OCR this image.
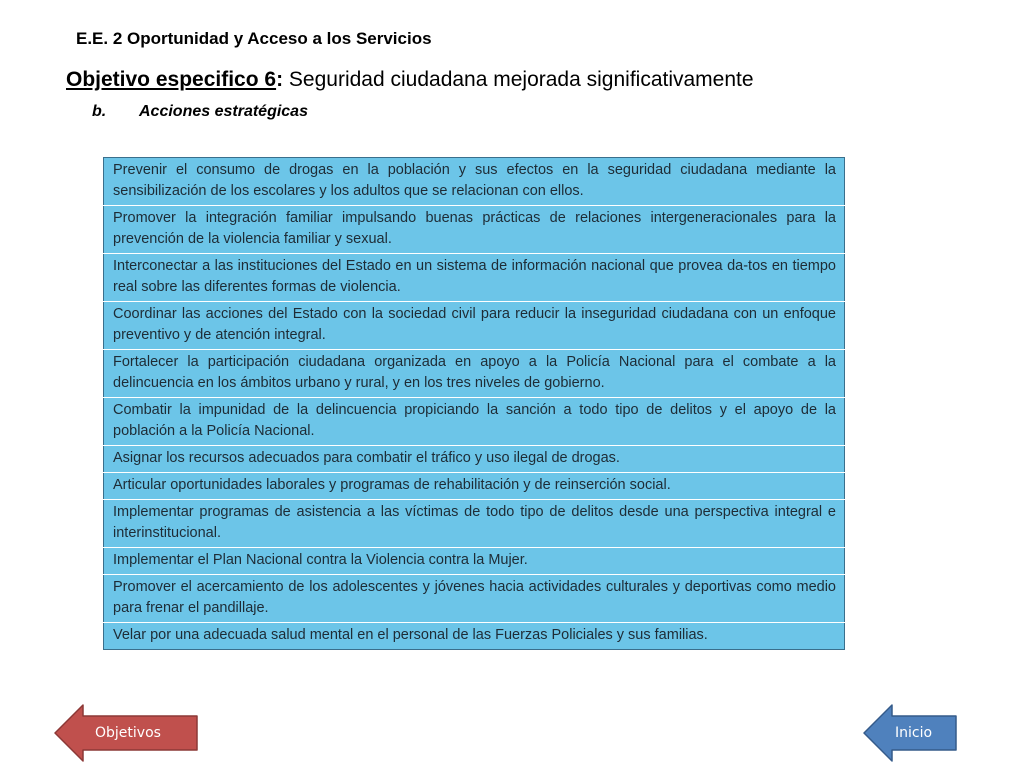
E.E. 2 Oportunidad y Acceso a los Servicios
Objetivo especifico 6: Seguridad ciudadana mejorada significativamente
b. Acciones estratégicas
Prevenir el consumo de drogas en la población y sus efectos en la seguridad ciudadana mediante la sensibilización de los escolares y los adultos que se relacionan con ellos.
Promover la integración familiar impulsando buenas prácticas de relaciones intergeneracionales para la prevención de la violencia familiar y sexual.
Interconectar a las instituciones del Estado en un sistema de información nacional que provea da-tos en tiempo real sobre las diferentes formas de violencia.
Coordinar las acciones del Estado con la sociedad civil para reducir la inseguridad ciudadana con un enfoque preventivo y de atención integral.
Fortalecer la participación ciudadana organizada en apoyo a la Policía Nacional para el combate a la delincuencia en los ámbitos urbano y rural, y en los tres niveles de gobierno.
Combatir la impunidad de la delincuencia propiciando la sanción a todo tipo de delitos y el apoyo de la población a la Policía Nacional.
Asignar los recursos adecuados para combatir el tráfico y uso ilegal de drogas.
Articular oportunidades laborales y programas de rehabilitación y de reinserción social.
Implementar programas de asistencia a las víctimas de todo tipo de delitos desde una perspectiva integral e interinstitucional.
Implementar el Plan Nacional contra la Violencia contra la Mujer.
Promover el acercamiento de los adolescentes y jóvenes hacia actividades culturales y deportivas como medio para frenar el pandillaje.
Velar por una adecuada salud mental en el personal de las Fuerzas Policiales y sus familias.
Objetivos	Inicio
